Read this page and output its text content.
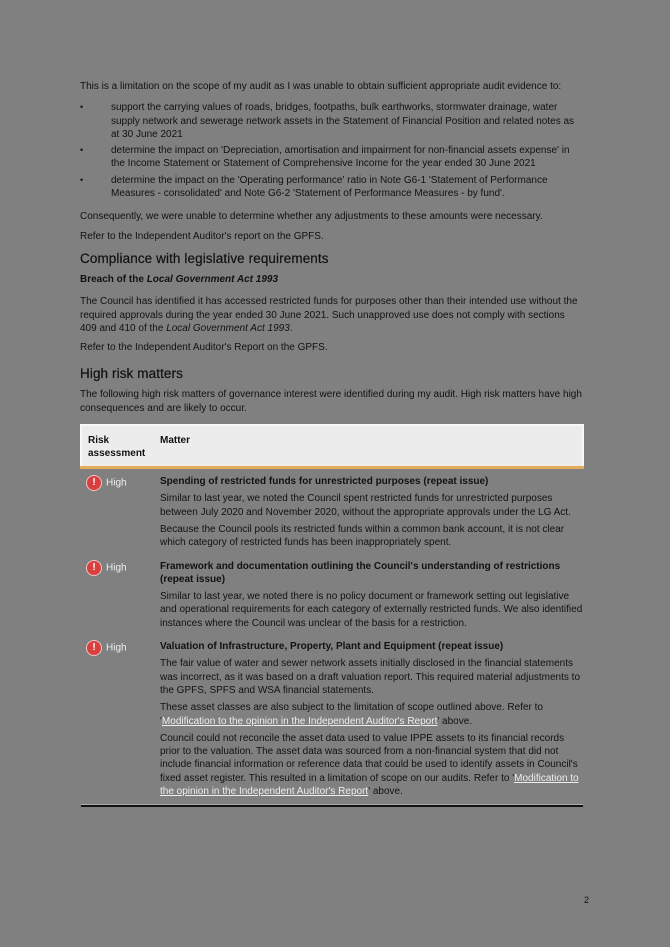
This is a limitation on the scope of my audit as I was unable to obtain sufficient appropriate audit evidence to:

•	support the carrying values of roads, bridges, footpaths, bulk earthworks, stormwater drainage, water supply network and sewerage network assets in the Statement of Financial Position and related notes as at 30 June 2021
•	determine the impact on 'Depreciation, amortisation and impairment for non-financial assets expense' in the Income Statement or Statement of Comprehensive Income for the year ended 30 June 2021
•	determine the impact on the 'Operating performance' ratio in Note G6-1 'Statement of Performance Measures - consolidated' and Note G6-2 'Statement of Performance Measures - by fund'.

Consequently, we were unable to determine whether any adjustments to these amounts were necessary.

Refer to the Independent Auditor's report on the GPFS.

Compliance with legislative requirements
Breach of the Local Government Act 1993

The Council has identified it has accessed restricted funds for purposes other than their intended use without the required approvals during the year ended 30 June 2021. Such unapproved use does not comply with sections 409 and 410 of the Local Government Act 1993.

Refer to the Independent Auditor's Report on the GPFS.

High risk matters

The following high risk matters of governance interest were identified during my audit. High risk matters have high consequences and are likely to occur.

Risk assessment	Matter
! High	Spending of restricted funds for unrestricted purposes (repeat issue)

Similar to last year, we noted the Council spent restricted funds for unrestricted purposes between July 2020 and November 2020, without the appropriate approvals under the LG Act.

Because the Council pools its restricted funds within a common bank account, it is not clear which category of restricted funds has been inappropriately spent.

! High	Framework and documentation outlining the Council's understanding of restrictions (repeat issue)

Similar to last year, we noted there is no policy document or framework setting out legislative and operational requirements for each category of externally restricted funds. We also identified instances where the Council was unclear of the basis for a restriction.

! High	Valuation of Infrastructure, Property, Plant and Equipment (repeat issue)

The fair value of water and sewer network assets initially disclosed in the financial statements was incorrect, as it was based on a draft valuation report. This required material adjustments to the GPFS, SPFS and WSA financial statements.

These asset classes are also subject to the limitation of scope outlined above. Refer to 'Modification to the opinion in the Independent Auditor's Report' above.

Council could not reconcile the asset data used to value IPPE assets to its financial records prior to the valuation. The asset data was sourced from a non-financial system that did not include financial information or reference data that could be used to identify assets in Council's fixed asset register. This resulted in a limitation of scope on our audits. Refer to 'Modification to the opinion in the Independent Auditor's Report' above.

2
